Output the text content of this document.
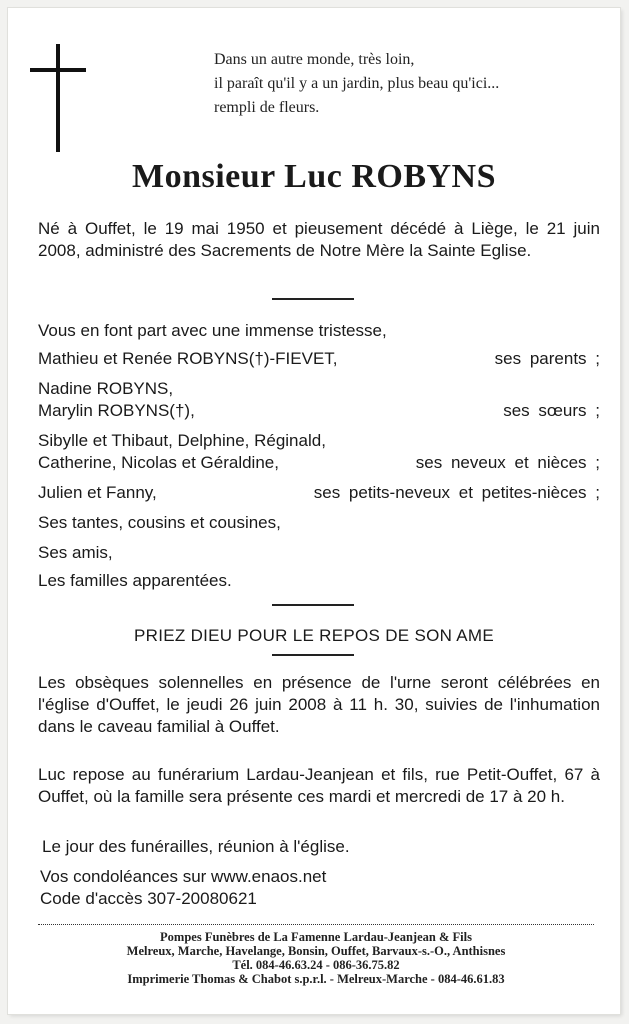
Dans un autre monde, très loin,
il paraît qu'il y a un jardin, plus beau qu'ici...
rempli de fleurs.
Monsieur Luc ROBYNS
Né à Ouffet, le 19 mai 1950 et pieusement décédé à Liège, le 21 juin 2008, administré des Sacrements de Notre Mère la Sainte Eglise.
Vous en font part avec une immense tristesse,
Mathieu et Renée ROBYNS(†)-FIEVET,	ses parents ;
Nadine ROBYNS,
Marylin ROBYNS(†),	ses sœurs ;
Sibylle et Thibaut, Delphine, Réginald,
Catherine, Nicolas et Géraldine,	ses neveux et nièces ;
Julien et Fanny,	ses petits-neveux et petites-nièces ;
Ses tantes, cousins et cousines,
Ses amis,
Les familles apparentées.
PRIEZ DIEU POUR LE REPOS DE SON AME
Les obsèques solennelles en présence de l'urne seront célébrées en l'église d'Ouffet, le jeudi 26 juin 2008 à 11 h. 30, suivies de l'inhumation dans le caveau familial à Ouffet.
Luc repose au funérarium Lardau-Jeanjean et fils, rue Petit-Ouffet, 67 à Ouffet, où la famille sera présente ces mardi et mercredi de 17 à 20 h.
Le jour des funérailles, réunion à l'église.
Vos condoléances sur www.enaos.net
Code d'accès 307-20080621
Pompes Funèbres de La Famenne Lardau-Jeanjean & Fils
Melreux, Marche, Havelange, Bonsin, Ouffet, Barvaux-s.-O., Anthisnes
Tél. 084-46.63.24 - 086-36.75.82
Imprimerie Thomas & Chabot s.p.r.l. - Melreux-Marche - 084-46.61.83
